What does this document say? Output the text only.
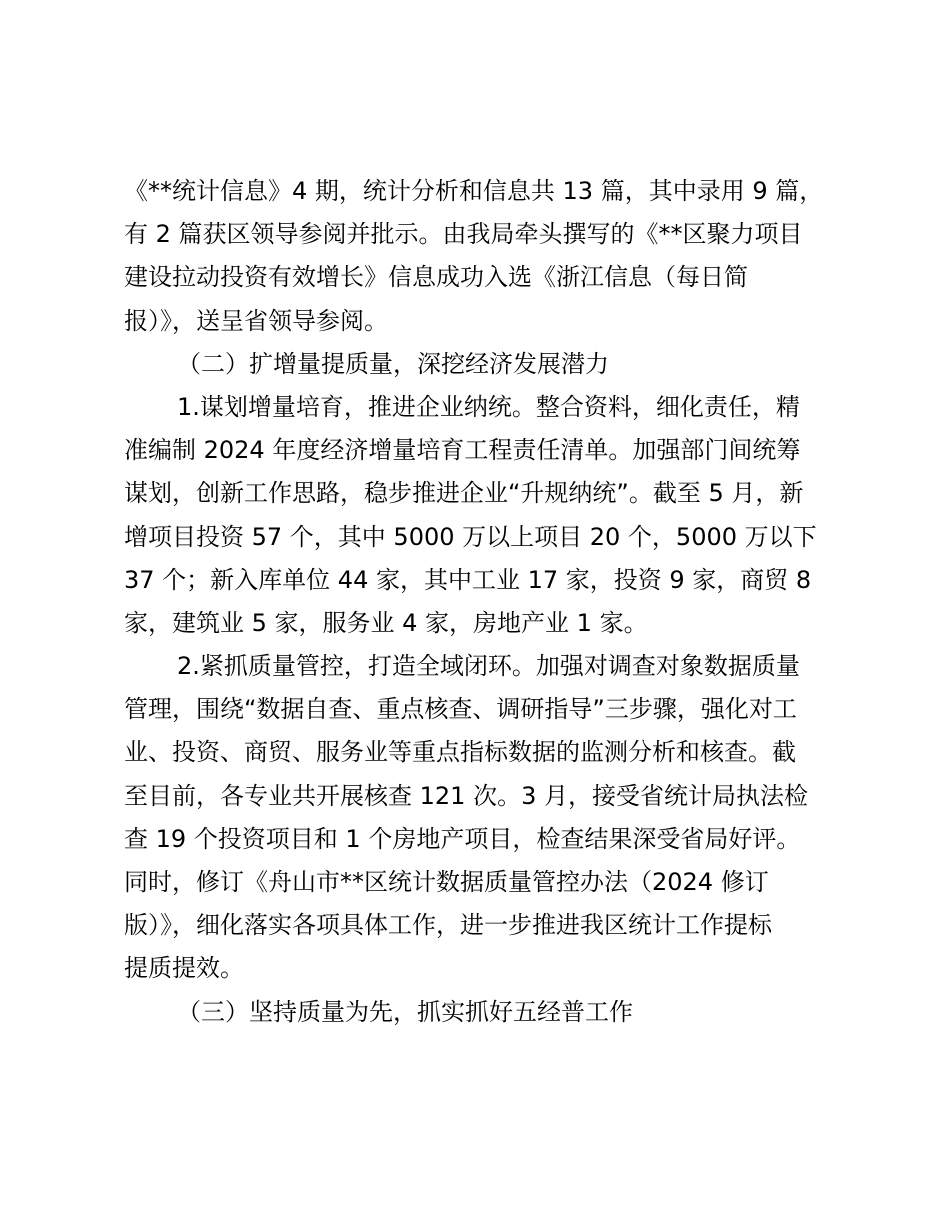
《**统计信息》4 期，统计分析和信息共 13 篇，其中录用 9 篇，
有 2 篇获区领导参阅并批示。由我局牵头撰写的《**区聚力项目
建设拉动投资有效增长》信息成功入选《浙江信息（每日简
报）》，送呈省领导参阅。
（二）扩增量提质量，深挖经济发展潜力
1.谋划增量培育，推进企业纳统。整合资料，细化责任，精
准编制 2024 年度经济增量培育工程责任清单。加强部门间统筹
谋划，创新工作思路，稳步推进企业“升规纳统”。截至 5 月，新
增项目投资 57 个，其中 5000 万以上项目 20 个，5000 万以下
37 个；新入库单位 44 家，其中工业 17 家，投资 9 家，商贸 8
家，建筑业 5 家，服务业 4 家，房地产业 1 家。
2.紧抓质量管控，打造全域闭环。加强对调查对象数据质量
管理，围绕“数据自查、重点核查、调研指导”三步骤，强化对工
业、投资、商贸、服务业等重点指标数据的监测分析和核查。截
至目前，各专业共开展核查 121 次。3 月，接受省统计局执法检
查 19 个投资项目和 1 个房地产项目，检查结果深受省局好评。
同时，修订《舟山市**区统计数据质量管控办法（2024 修订
版）》，细化落实各项具体工作，进一步推进我区统计工作提标
提质提效。
（三）坚持质量为先，抓实抓好五经普工作
